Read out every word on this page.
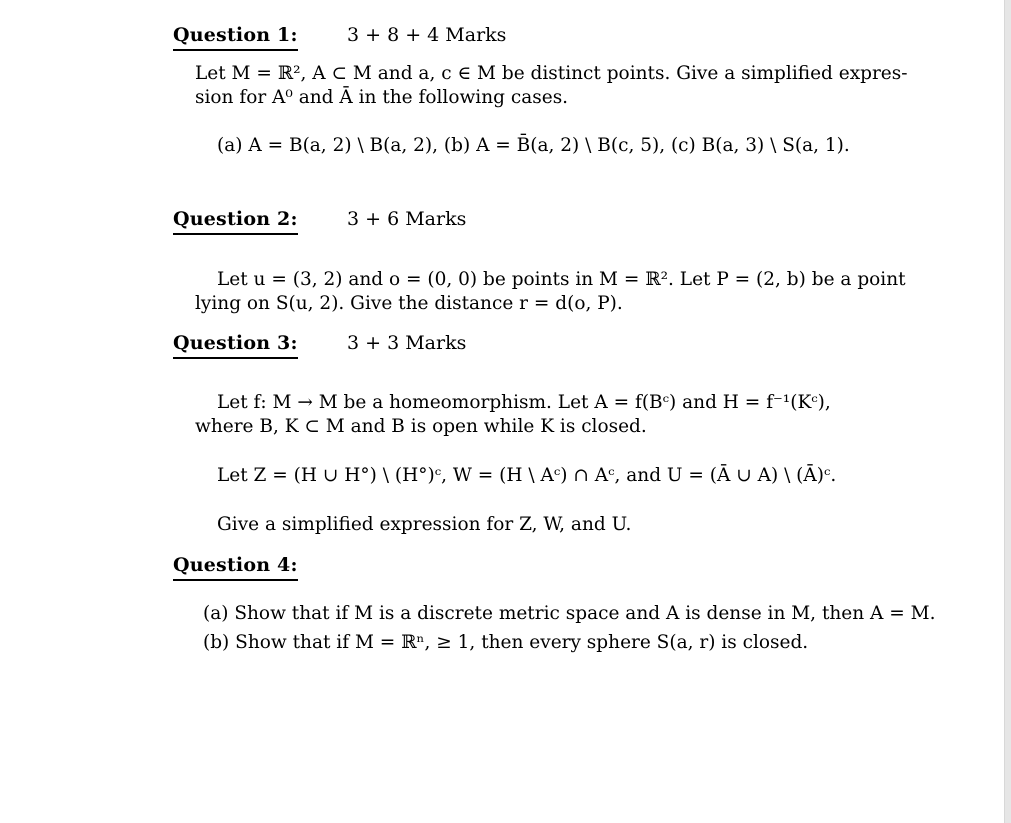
Question 1:	3 + 8 + 4 Marks
Let M = ℝ², A ⊂ M and a, c ∈ M be distinct points. Give a simplified expres-
sion for A⁰ and Ā in the following cases.
(a) A = B(a, 2) \ B(a, 2), (b) A = B̄(a, 2) \ B(c, 5), (c) B(a, 3) \ S(a, 1).
Question 2:	3 + 6 Marks
Let u = (3, 2) and o = (0, 0) be points in M = ℝ². Let P = (2, b) be a point
lying on S(u, 2). Give the distance r = d(o, P).
Question 3:	3 + 3 Marks
Let f: M → M be a homeomorphism. Let A = f(Bᶜ) and H = f⁻¹(Kᶜ),
where B, K ⊂ M and B is open while K is closed.
Let Z = (H ∪ H°) \ (H°)ᶜ, W = (H \ Aᶜ) ∩ Aᶜ, and U = (Ā ∪ A) \ (Ā)ᶜ.
Give a simplified expression for Z, W, and U.
Question 4:
(a) Show that if M is a discrete metric space and A is dense in M, then A = M.
(b) Show that if M = ℝⁿ, ≥ 1, then every sphere S(a, r) is closed.
